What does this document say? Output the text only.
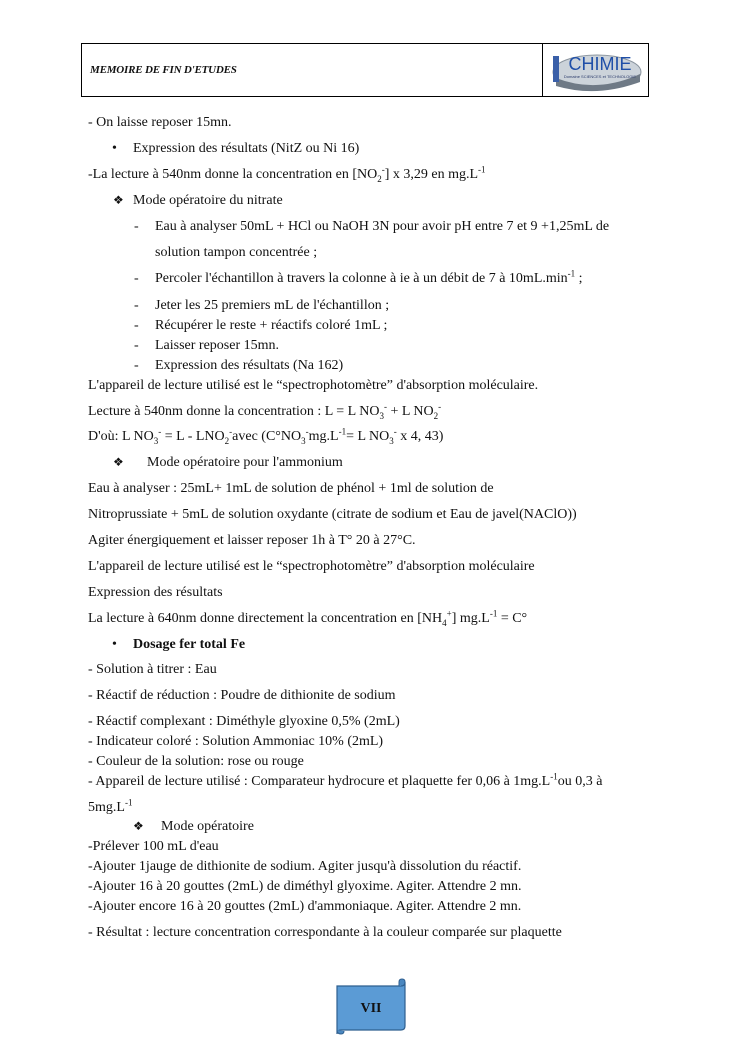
MEMOIRE DE FIN D'ETUDES	CHIMIE
Domaine SCIENCES et TECHNOLOGIE
- On laisse reposer 15mn.
• Expression des résultats (NitZ ou Ni 16)
-La lecture à 540nm donne la concentration en $[NO_2^-]$ x 3,29 en $mg.L^{-1}$
❖ Mode opératoire du nitrate
- Eau à analyser 50mL + HCl ou NaOH 3N pour avoir pH entre 7 et 9 +1,25mL de
solution tampon concentrée ;
- Percoler l'échantillon à travers la colonne à ie à un débit de 7 à $10mL.\min^{-1}$ ;
- Jeter les 25 premiers mL de l'échantillon ;
- Récupérer le reste + réactifs coloré 1mL ;
- Laisser reposer 15mn.
- Expression des résultats (Na 162)
L'appareil de lecture utilisé est le “spectrophotomètre” d'absorption moléculaire.
Lecture à 540nm donne la concentration : L = L $NO_3^- + L$ $NO_2^-$
D'où: L $NO_3^- = L$ - $LNO_2^-avec$ ($C^\circ NO_3^-mg.L^{-1}= L$ $NO_3^-$ x 4, 43)
❖ Mode opératoire pour l'ammonium
Eau à analyser : 25mL+ 1mL de solution de phénol + 1ml de solution de
Nitroprussiate + 5mL de solution oxydante (citrate de sodium et Eau de javel(NAClO))
Agiter énergiquement et laisser reposer 1h à T° 20 à 27°C.
L'appareil de lecture utilisé est le “spectrophotomètre” d'absorption moléculaire
Expression des résultats
La lecture à 640nm donne directement la concentration en $[NH_4^+] mg.L^{-1} = C^\circ$
• Dosage fer total Fe
- Solution à titrer : Eau
- Réactif de réduction : Poudre de dithionite de sodium
- Réactif complexant : Diméthyle glyoxine 0,5% (2mL)
- Indicateur coloré : Solution Ammoniac 10% (2mL)
- Couleur de la solution: rose ou rouge
- Appareil de lecture utilisé : Comparateur hydrocure et plaquette fer 0,06 à $1mg.L^{-1}ou$ 0,3 à
$5mg.L^{-1}$
❖ Mode opératoire
-Prélever 100 mL d'eau
-Ajouter 1jauge de dithionite de sodium. Agiter jusqu'à dissolution du réactif.
-Ajouter 16 à 20 gouttes (2mL) de diméthyl glyoxime. Agiter. Attendre 2 mn.
-Ajouter encore 16 à 20 gouttes (2mL) d'ammoniaque. Agiter. Attendre 2 mn.
- Résultat : lecture concentration correspondante à la couleur comparée sur plaquette
VII
